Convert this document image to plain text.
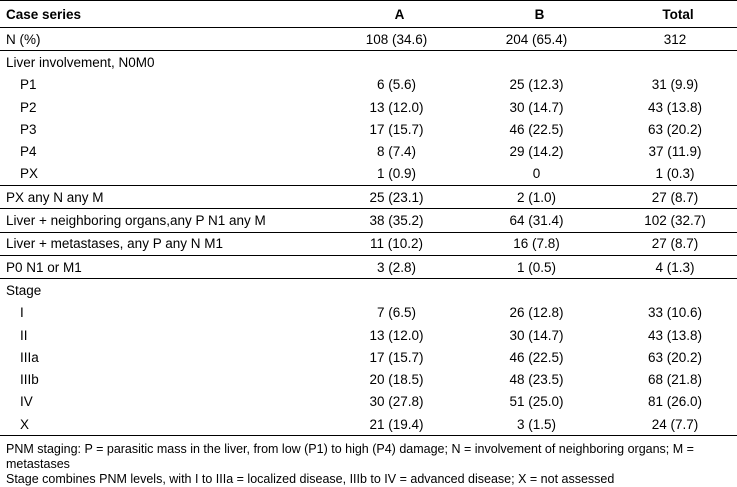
Case series	A	B	Total
N (%)	108 (34.6)	204 (65.4)	312
Liver involvement, N0M0			
P1	6 (5.6)	25 (12.3)	31 (9.9)
P2	13 (12.0)	30 (14.7)	43 (13.8)
P3	17 (15.7)	46 (22.5)	63 (20.2)
P4	8 (7.4)	29 (14.2)	37 (11.9)
PX	1 (0.9)	0	1 (0.3)
PX any N any M	25 (23.1)	2 (1.0)	27 (8.7)
Liver + neighboring organs,any P N1 any M	38 (35.2)	64 (31.4)	102 (32.7)
Liver + metastases, any P any N M1	11 (10.2)	16 (7.8)	27 (8.7)
P0 N1 or M1	3 (2.8)	1 (0.5)	4 (1.3)
Stage			
I	7 (6.5)	26 (12.8)	33 (10.6)
II	13 (12.0)	30 (14.7)	43 (13.8)
IIIa	17 (15.7)	46 (22.5)	63 (20.2)
IIIb	20 (18.5)	48 (23.5)	68 (21.8)
IV	30 (27.8)	51 (25.0)	81 (26.0)
X	21 (19.4)	3 (1.5)	24 (7.7)

PNM staging: P = parasitic mass in the liver, from low (P1) to high (P4) damage; N = involvement of neighboring organs; M = metastases

Stage combines PNM levels, with I to IIIa = localized disease, IIIb to IV = advanced disease; X = not assessed
